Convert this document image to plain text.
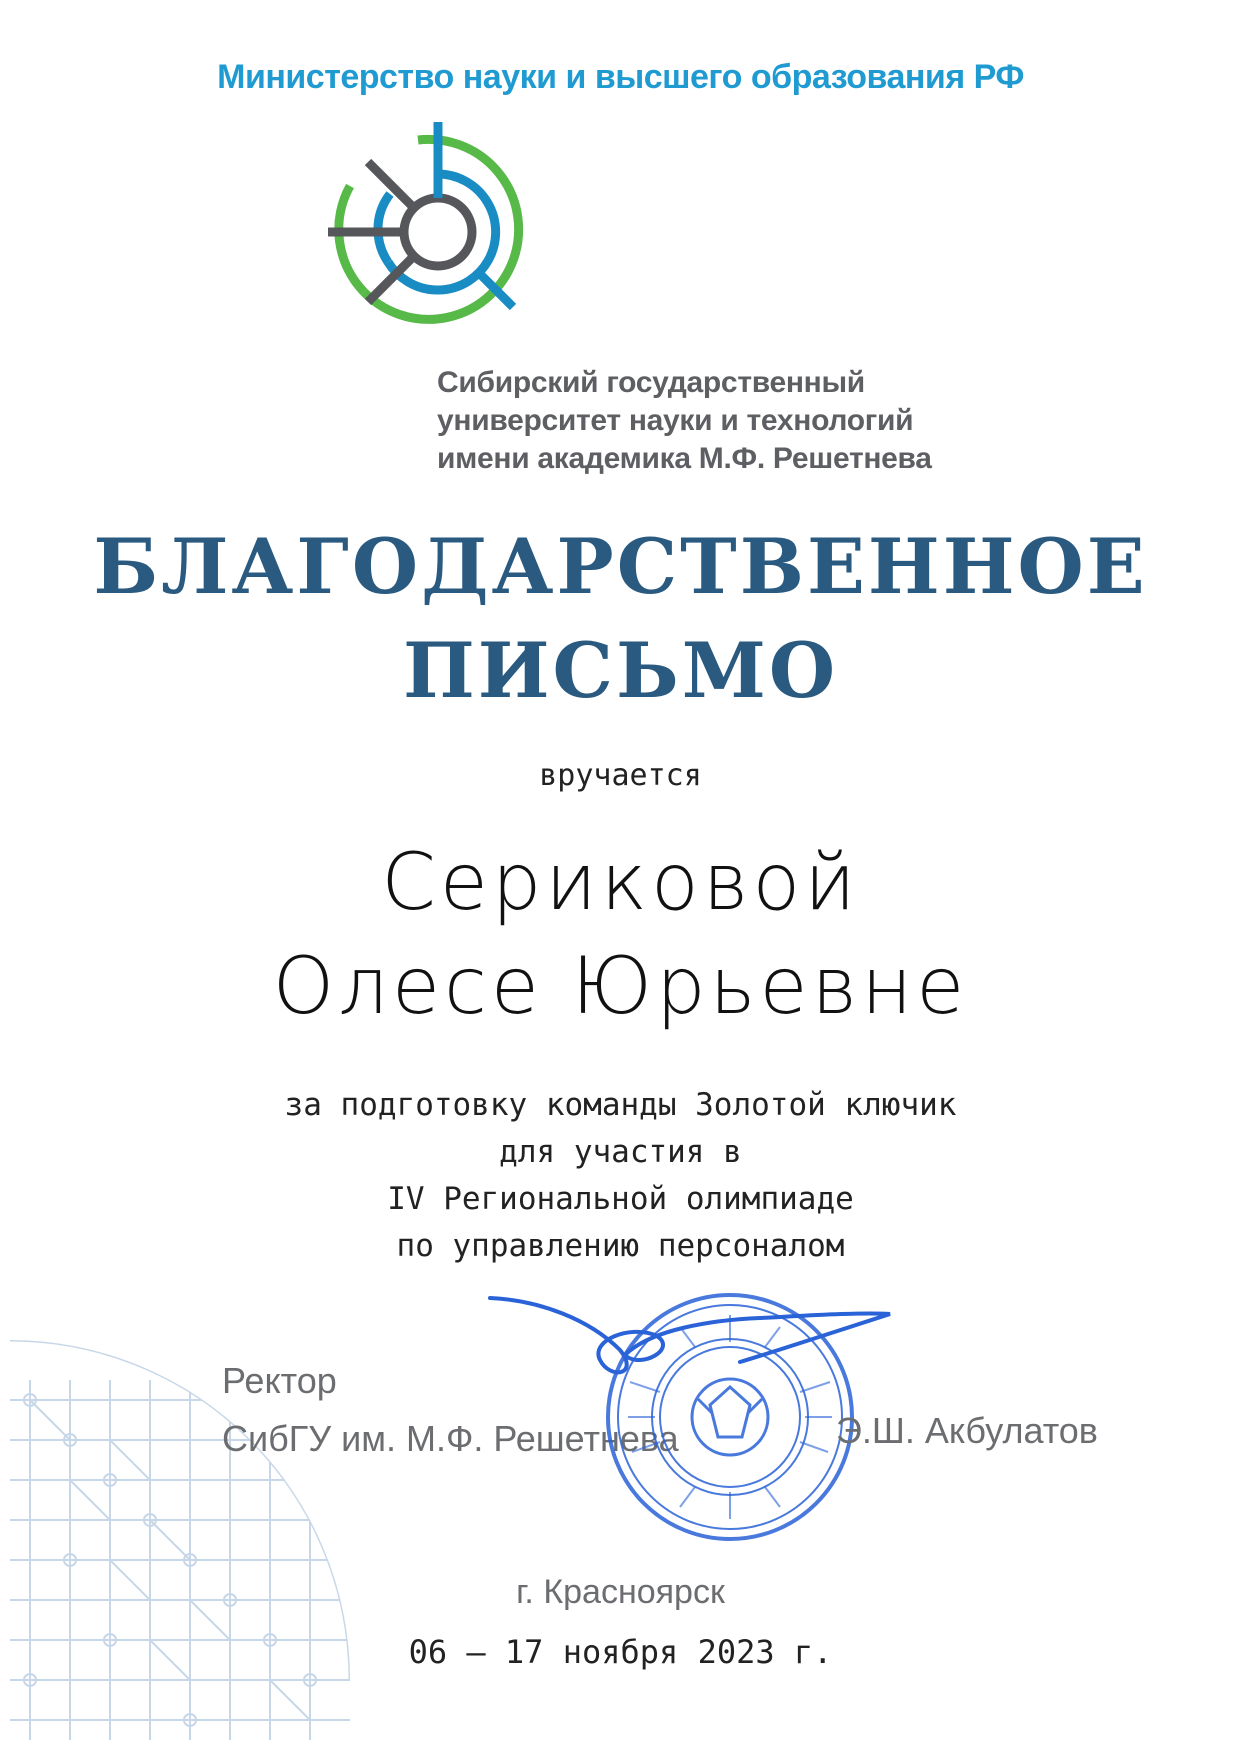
Министерство науки и высшего образования РФ
Сибирский государственный
университет науки и технологий
имени академика М.Ф. Решетнева
БЛАГОДАРСТВЕННОЕ
ПИСЬМО
вручается
Сериковой
Олесе Юрьевне
за подготовку команды Золотой ключик
для участия в
IV Региональной олимпиаде
по управлению персоналом
Ректор
СибГУ им. М.Ф. Решетнева	Э.Ш. Акбулатов
г. Красноярск
06 – 17 ноября 2023 г.
